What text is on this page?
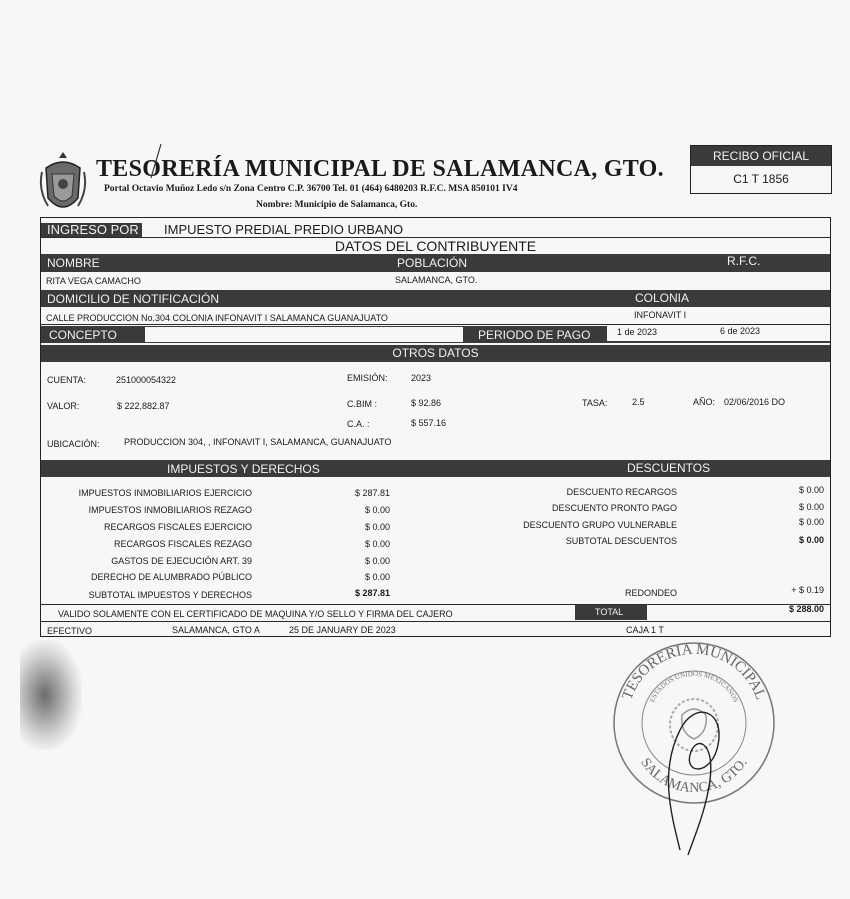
TESORERÍA MUNICIPAL DE SALAMANCA, GTO.
Portal Octavio Muñoz Ledo s/n Zona Centro C.P. 36700 Tel. 01 (464) 6480203 R.F.C. MSA 850101 IV4
Nombre: Municipio de Salamanca, Gto.
RECIBO OFICIAL
C1 T 1856
INGRESO POR IMPUESTO PREDIAL PREDIO URBANO
DATOS DEL CONTRIBUYENTE
NOMBRE	POBLACIÓN	R.F.C.
RITA VEGA CAMACHO	SALAMANCA, GTO.
DOMICILIO DE NOTIFICACIÓN	COLONIA
CALLE PRODUCCION No.304 COLONIA INFONAVIT I SALAMANCA GUANAJUATO	INFONAVIT I
CONCEPTO	PERIODO DE PAGO	1 de 2023	6 de 2023
OTROS DATOS
CUENTA:	251000054322	EMISIÓN:	2023
VALOR:	$ 222,882.87	C.BIM :	$ 92.86	TASA:	2.5	AÑO: 02/06/2016 DO
C.A. :	$ 557.16
UBICACIÓN:	PRODUCCION 304, , INFONAVIT I, SALAMANCA, GUANAJUATO
IMPUESTOS Y DERECHOS	DESCUENTOS
IMPUESTOS INMOBILIARIOS EJERCICIO	$ 287.81
IMPUESTOS INMOBILIARIOS REZAGO	$ 0.00
RECARGOS FISCALES EJERCICIO	$ 0.00
RECARGOS FISCALES REZAGO	$ 0.00
GASTOS DE EJECUCIÓN ART. 39	$ 0.00
DERECHO DE ALUMBRADO PÚBLICO	$ 0.00
SUBTOTAL IMPUESTOS Y DERECHOS	$ 287.81
DESCUENTO RECARGOS	$ 0.00
DESCUENTO PRONTO PAGO	$ 0.00
DESCUENTO GRUPO VULNERABLE	$ 0.00
SUBTOTAL DESCUENTOS	$ 0.00
REDONDEO	+ $ 0.19
VALIDO SOLAMENTE CON EL CERTIFICADO DE MAQUINA Y/O SELLO Y FIRMA DEL CAJERO	TOTAL	$ 288.00
EFECTIVO	SALAMANCA, GTO A	25 DE JANUARY DE 2023	CAJA 1 T
TESORERIA MUNICIPAL
ESTADOS UNIDOS MEXICANOS
SALAMANCA, GTO.
